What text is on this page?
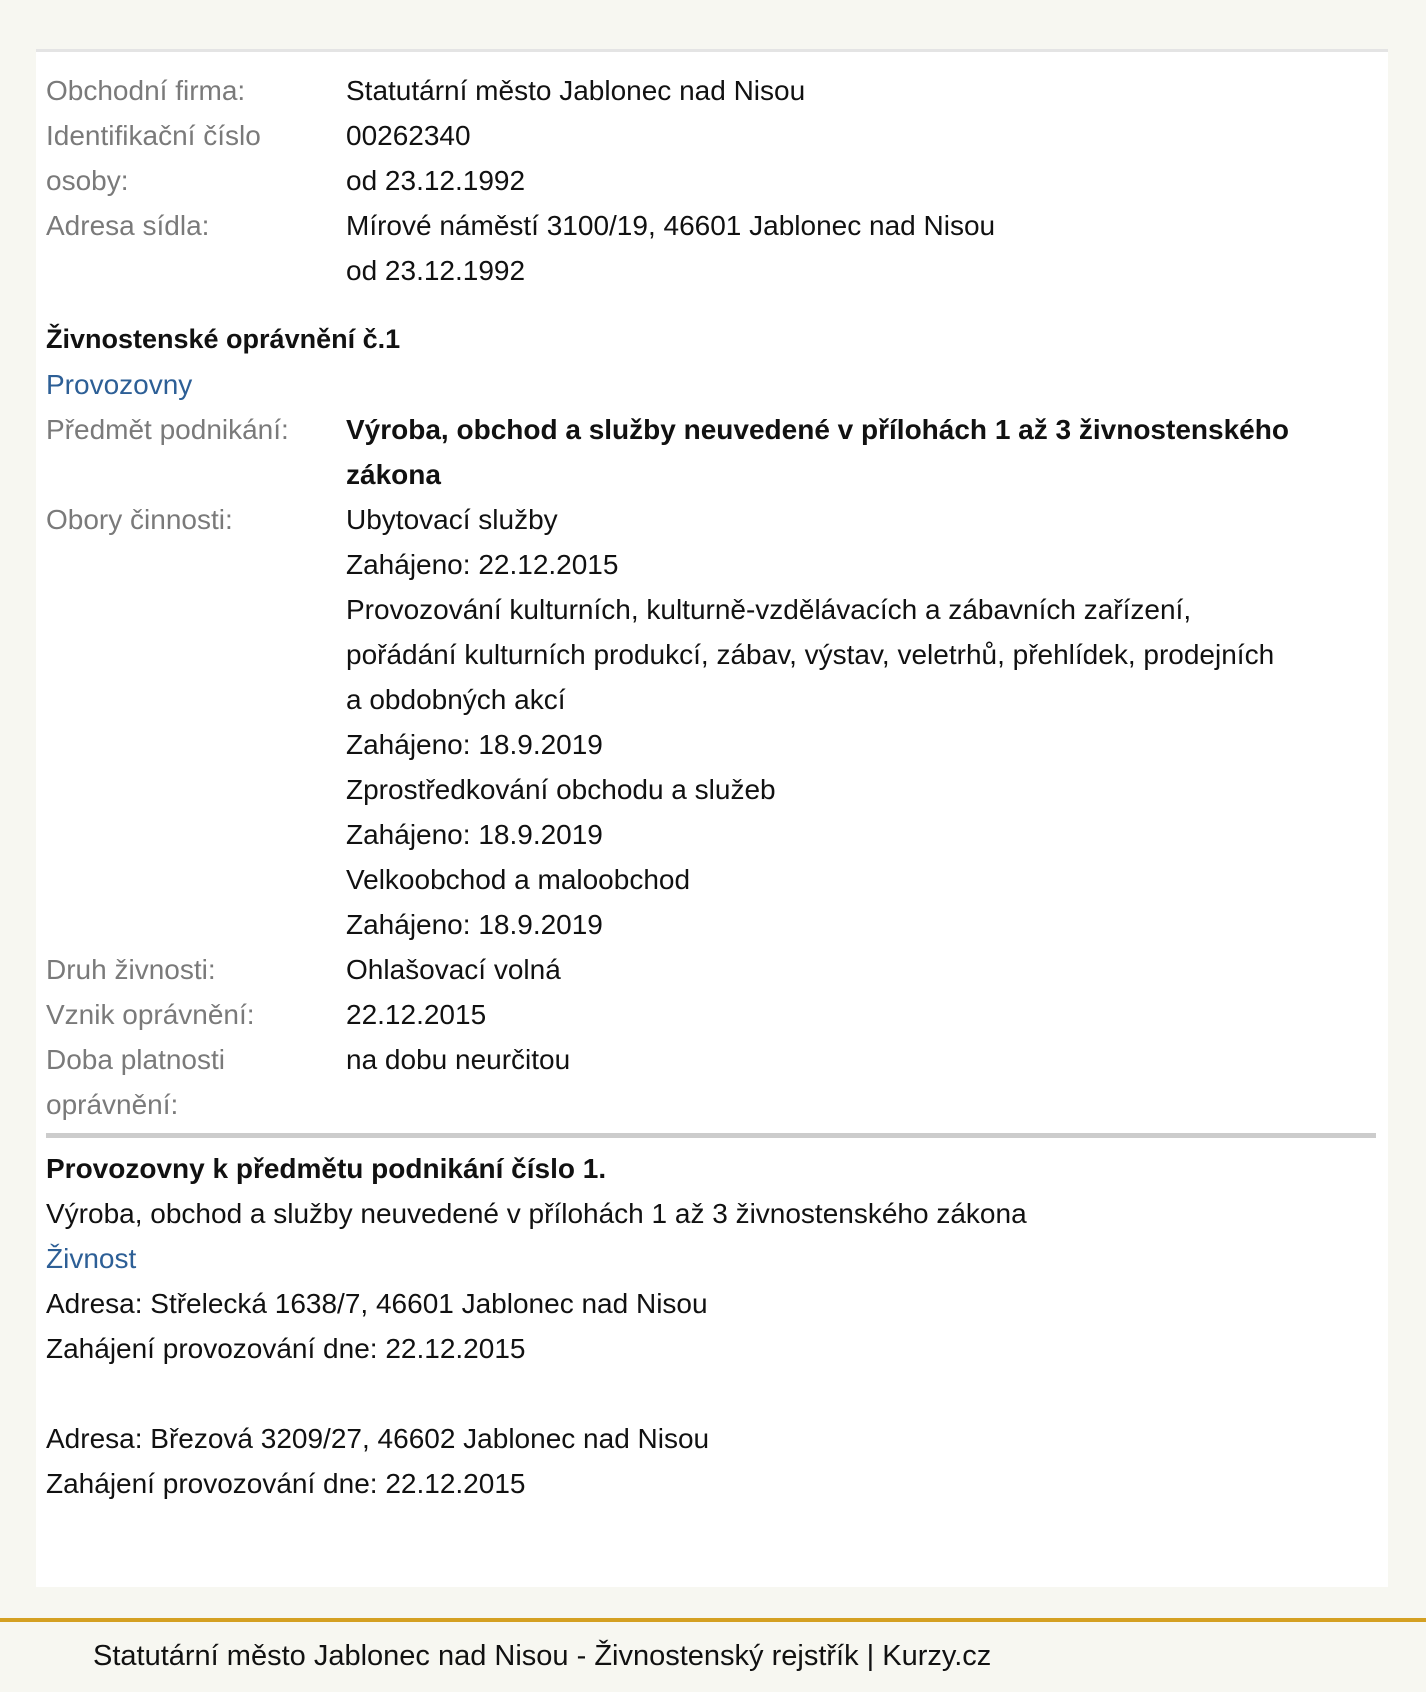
Obchodní firma:	Statutární město Jablonec nad Nisou
Identifikační číslo	00262340
osoby:	od 23.12.1992
Adresa sídla:	Mírové náměstí 3100/19, 46601 Jablonec nad Nisou
od 23.12.1992
Živnostenské oprávnění č.1
Provozovny
Předmět podnikání:	Výroba, obchod a služby neuvedené v přílohách 1 až 3 živnostenského zákona
Obory činnosti:	Ubytovací služby
Zahájeno: 22.12.2015
Provozování kulturních, kulturně-vzdělávacích a zábavních zařízení,
pořádání kulturních produkcí, zábav, výstav, veletrhů, přehlídek, prodejních
a obdobných akcí
Zahájeno: 18.9.2019
Zprostředkování obchodu a služeb
Zahájeno: 18.9.2019
Velkoobchod a maloobchod
Zahájeno: 18.9.2019
Druh živnosti:	Ohlašovací volná
Vznik oprávnění:	22.12.2015
Doba platnosti
oprávnění:
na dobu neurčitou
Provozovny k předmětu podnikání číslo 1.
Výroba, obchod a služby neuvedené v přílohách 1 až 3 živnostenského zákona
Živnost
Adresa: Střelecká 1638/7, 46601 Jablonec nad Nisou
Zahájení provozování dne: 22.12.2015
Adresa: Březová 3209/27, 46602 Jablonec nad Nisou
Zahájení provozování dne: 22.12.2015
Statutární město Jablonec nad Nisou - Živnostenský rejstřík | Kurzy.cz
